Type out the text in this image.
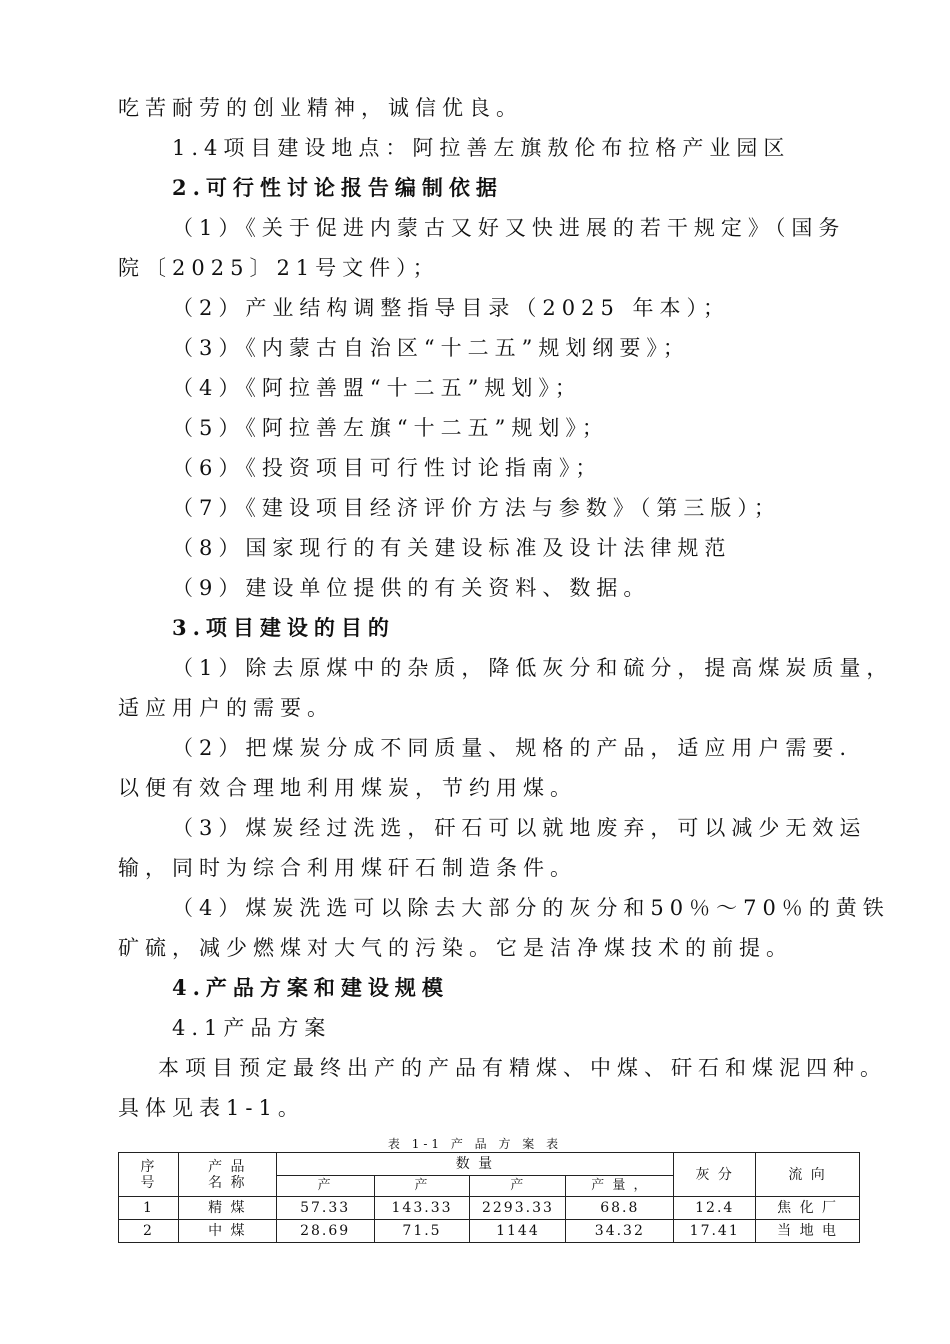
吃苦耐劳的创业精神，诚信优良。
1.4项目建设地点：阿拉善左旗敖伦布拉格产业园区
2.可行性讨论报告编制依据
（1）《关于促进内蒙古又好又快进展的若干规定》（国务
院〔2025〕21号文件）；
（2）产业结构调整指导目录（2025 年本）；
（3）《内蒙古自治区“十二五”规划纲要》；
（4）《阿拉善盟“十二五”规划》；
（5）《阿拉善左旗“十二五”规划》；
（6）《投资项目可行性讨论指南》；
（7）《建设项目经济评价方法与参数》（第三版）；
（8）国家现行的有关建设标准及设计法律规范
（9）建设单位提供的有关资料、数据。
3.项目建设的目的
（1）除去原煤中的杂质，降低灰分和硫分，提高煤炭质量，
适应用户的需要。
（2）把煤炭分成不同质量、规格的产品，适应用户需要.
以便有效合理地利用煤炭，节约用煤。
（3）煤炭经过洗选，矸石可以就地废弃，可以减少无效运
输，同时为综合利用煤矸石制造条件。
（4）煤炭洗选可以除去大部分的灰分和50％～70％的黄铁
矿硫，减少燃煤对大气的污染。它是洁净煤技术的前提。
4.产品方案和建设规模
4.1产品方案
本项目预定最终出产的产品有精煤、中煤、矸石和煤泥四种。
具体见表1-1。
表 1-1 产 品 方 案 表
序
号	产 品
名 称	数 量				灰 分	流 向
		产	产	产	产 量 ，		
1	精 煤	57.33	143.33	2293.33	68.8	12.4	焦 化 厂
2	中 煤	28.69	71.5	1144	34.32	17.41	当 地 电
